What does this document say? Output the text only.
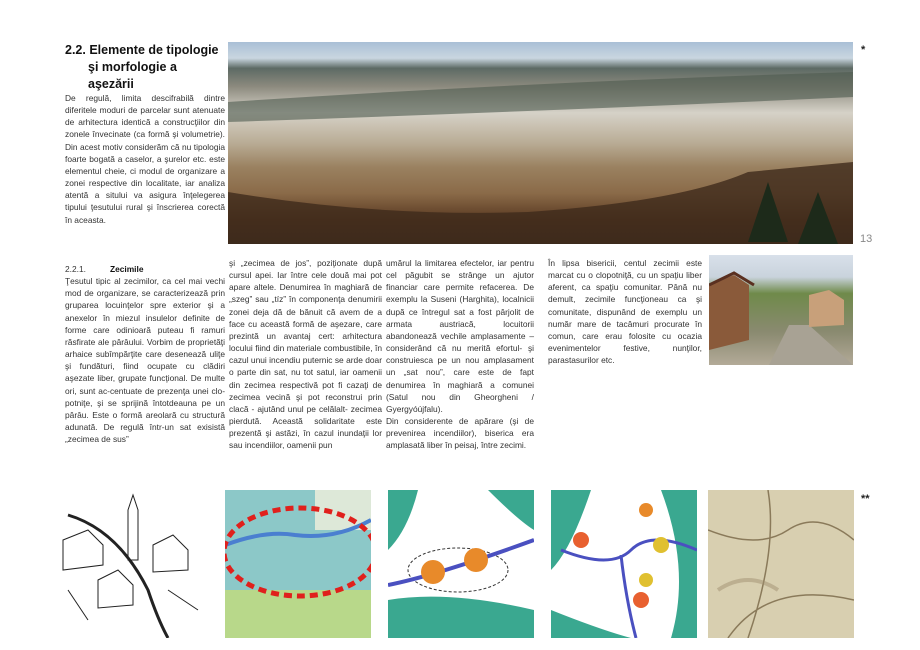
2.2. Elemente de tipologie
şi morfologie a aşezării
De regulă, limita descifrabilă dintre diferitele moduri de parcelar sunt atenuate de arhitectura identică a construcţiilor din zonele învecinate (ca formă şi volumetrie). Din acest motiv considerăm că nu tipologia foarte bogată a caselor, a şurelor etc. este elementul cheie, ci modul de organizare a zonei respective din localitate, iar analiza atentă a sitului va asigura înţelegerea tipului ţesutului rural şi înscrierea corectă în aceasta.
2.2.1.	Zecimile
Ţesutul tipic al zecimilor, ca cel mai vechi mod de organizare, se caracterizează prin gruparea locuinţelor spre exterior şi a anexelor în miezul insulelor definite de forme care odinioară puteau fi ramuri răsfirate ale pârâului. Vorbim de proprietăţi arhaice subîmpărţite care desenează uliţe şi fundături, fiind ocupate cu clădiri aşezate liber, grupate funcţional. De multe ori, sunt ac-centuate de prezenţa unei clo-potniţe, şi se sprijină întotdeauna pe un pârâu. Este o formă areolară cu structură adunată. De regulă într-un sat exisistă „zecimea de sus”
şi „zecimea de jos”, poziţionate după cursul apei. Iar între cele două mai pot apare altele. Denumirea în maghiară de „szeg” sau „tíz” în componenţa denumirii zonei deja dă de bănuit că avem de a face cu această formă de aşezare, care prezintă un avantaj cert: arhitectura locului fiind din materiale combustibile, în cazul unui incendiu puternic se arde doar o parte din sat, nu tot satul, iar oamenii din zecimea respectivă pot fi cazaţi de zecimea vecină şi pot reconstrui prin clacă - ajutând unul pe celălalt- zecimea pierdută. Această solidaritate este prezentă şi astăzi, în cazul inundaţii lor sau incendiilor, oamenii pun
umărul la limitarea efectelor, iar pentru cel păgubit se strânge un ajutor financiar care permite refacerea. De exemplu la Suseni (Harghita), localnicii după ce întregul sat a fost pârjolit de armata austriacă, locuitorii abandonează vechile amplasamente – considerând că nu merită efortul- şi construiesca pe un nou amplasament un „sat nou”, care este de fapt denumirea în maghiară a comunei (Satul nou din Gheorgheni / Gyergyóújfalu).
Din considerente de apărare (şi de prevenirea incendiilor), biserica era amplasată liber în peisaj, între zecimi.
În lipsa bisericii, centul zecimii este marcat cu o clopotniţă, cu un spaţiu liber aferent, ca spaţiu comunitar. Până nu demult, zecimile funcţioneau ca şi comunitate, dispunând de exemplu un număr mare de tacâmuri procurate în comun, care erau folosite cu ocazia evenimentelor festive, nunţilor, parastasurilor etc.
*
13
**
